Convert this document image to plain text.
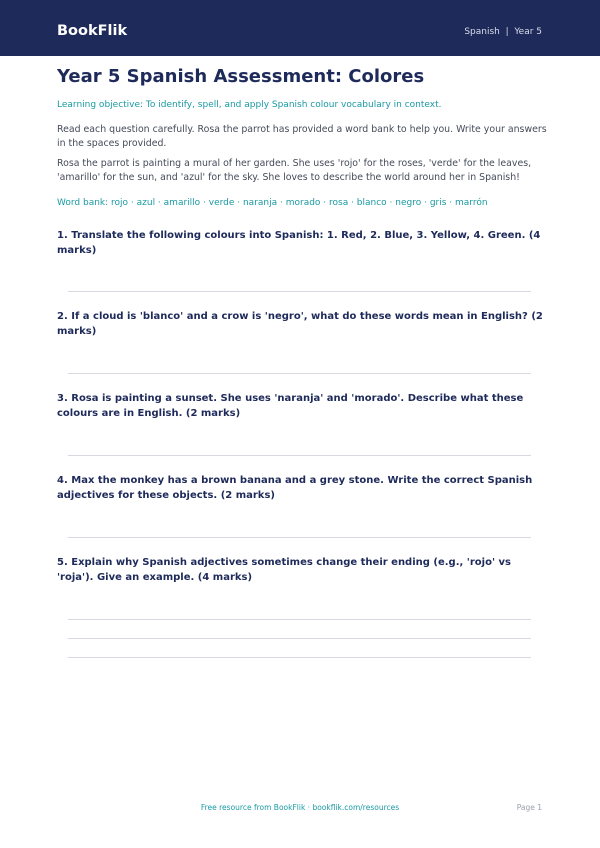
BookFlik	Spanish  |  Year 5
Year 5 Spanish Assessment: Colores
Learning objective: To identify, spell, and apply Spanish colour vocabulary in context.

Read each question carefully. Rosa the parrot has provided a word bank to help you. Write your answers in the spaces provided.

Rosa the parrot is painting a mural of her garden. She uses 'rojo' for the roses, 'verde' for the leaves, 'amarillo' for the sun, and 'azul' for the sky. She loves to describe the world around her in Spanish!

Word bank: rojo · azul · amarillo · verde · naranja · morado · rosa · blanco · negro · gris · marrón

1. Translate the following colours into Spanish: 1. Red, 2. Blue, 3. Yellow, 4. Green. (4 marks)

2. If a cloud is 'blanco' and a crow is 'negro', what do these words mean in English? (2 marks)

3. Rosa is painting a sunset. She uses 'naranja' and 'morado'. Describe what these colours are in English. (2 marks)

4. Max the monkey has a brown banana and a grey stone. Write the correct Spanish adjectives for these objects. (2 marks)

5. Explain why Spanish adjectives sometimes change their ending (e.g., 'rojo' vs 'roja'). Give an example. (4 marks)

Free resource from BookFlik · bookflik.com/resources	Page 1
